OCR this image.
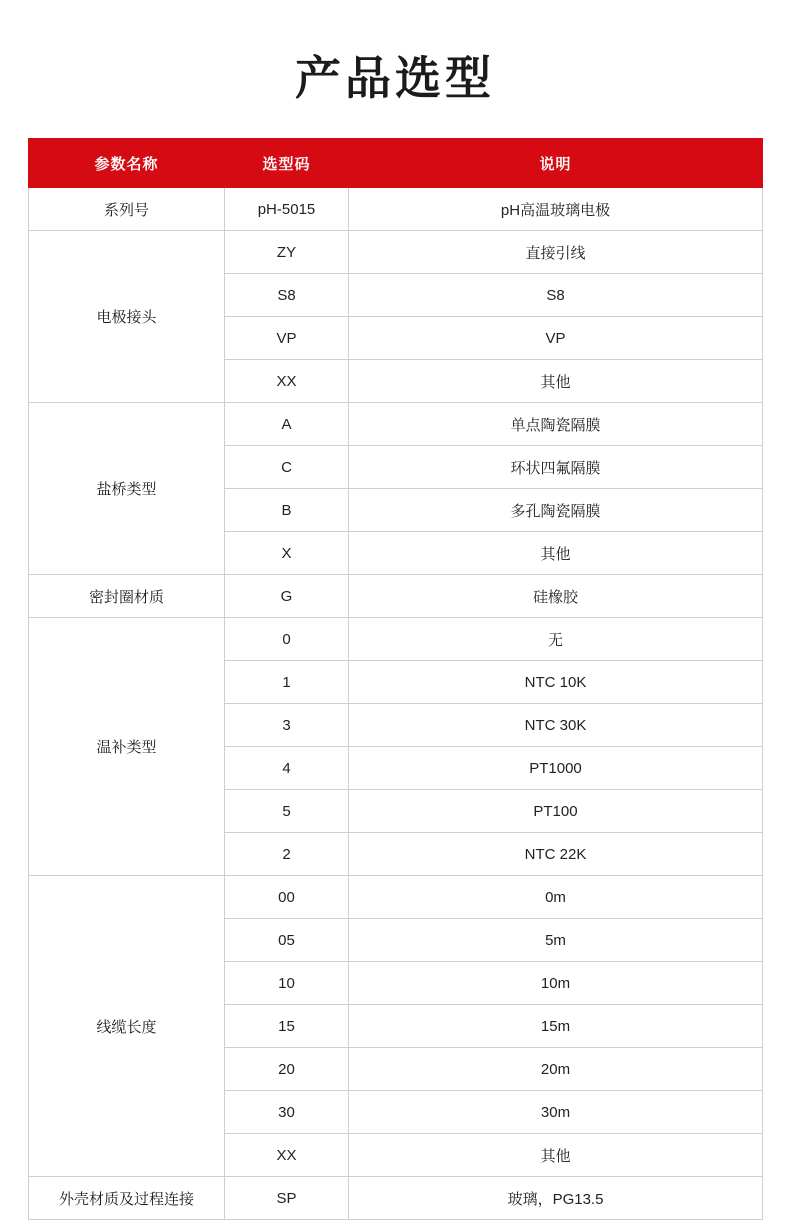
产品选型
参数名称	选型码	说明
系列号	pH-5015	pH高温玻璃电极
电极接头	ZY	直接引线
	S8	S8
	VP	VP
	XX	其他
盐桥类型	A	单点陶瓷隔膜
	C	环状四氟隔膜
	B	多孔陶瓷隔膜
	X	其他
密封圈材质	G	硅橡胶
温补类型	0	无
	1	NTC 10K
	3	NTC 30K
	4	PT1000
	5	PT100
	2	NTC 22K
线缆长度	00	0m
	05	5m
	10	10m
	15	15m
	20	20m
	30	30m
	XX	其他
外壳材质及过程连接	SP	玻璃，PG13.5
